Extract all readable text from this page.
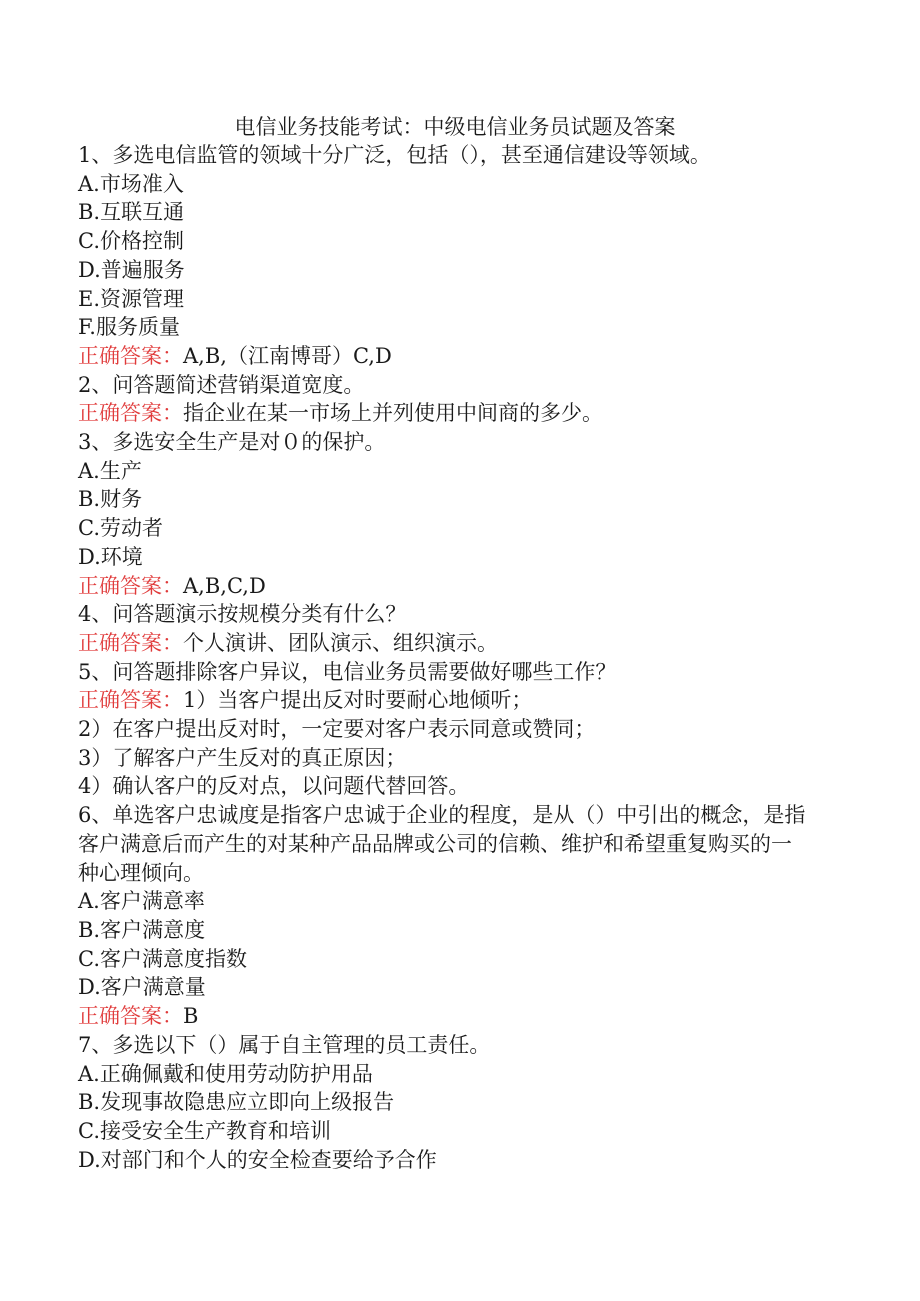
电信业务技能考试：中级电信业务员试题及答案

1、多选电信监管的领域十分广泛，包括（），甚至通信建设等领域。

A.市场准入

B.互联互通

C.价格控制

D.普遍服务

E.资源管理

F.服务质量

正确答案：A,B,（江南博哥）C,D

2、问答题简述营销渠道宽度。

正确答案：指企业在某一市场上并列使用中间商的多少。

3、多选安全生产是对０的保护。

A.生产

B.财务

C.劳动者

D.环境

正确答案：A,B,C,D

4、问答题演示按规模分类有什么？

正确答案：个人演讲、团队演示、组织演示。

5、问答题排除客户异议，电信业务员需要做好哪些工作？

正确答案：1）当客户提出反对时要耐心地倾听；

2）在客户提出反对时，一定要对客户表示同意或赞同；

3）了解客户产生反对的真正原因；

4）确认客户的反对点，以问题代替回答。

6、单选客户忠诚度是指客户忠诚于企业的程度，是从（）中引出的概念，是指

客户满意后而产生的对某种产品品牌或公司的信赖、维护和希望重复购买的一

种心理倾向。

A.客户满意率

B.客户满意度

C.客户满意度指数

D.客户满意量

正确答案：B

7、多选以下（）属于自主管理的员工责任。

A.正确佩戴和使用劳动防护用品

B.发现事故隐患应立即向上级报告

C.接受安全生产教育和培训

D.对部门和个人的安全检查要给予合作
